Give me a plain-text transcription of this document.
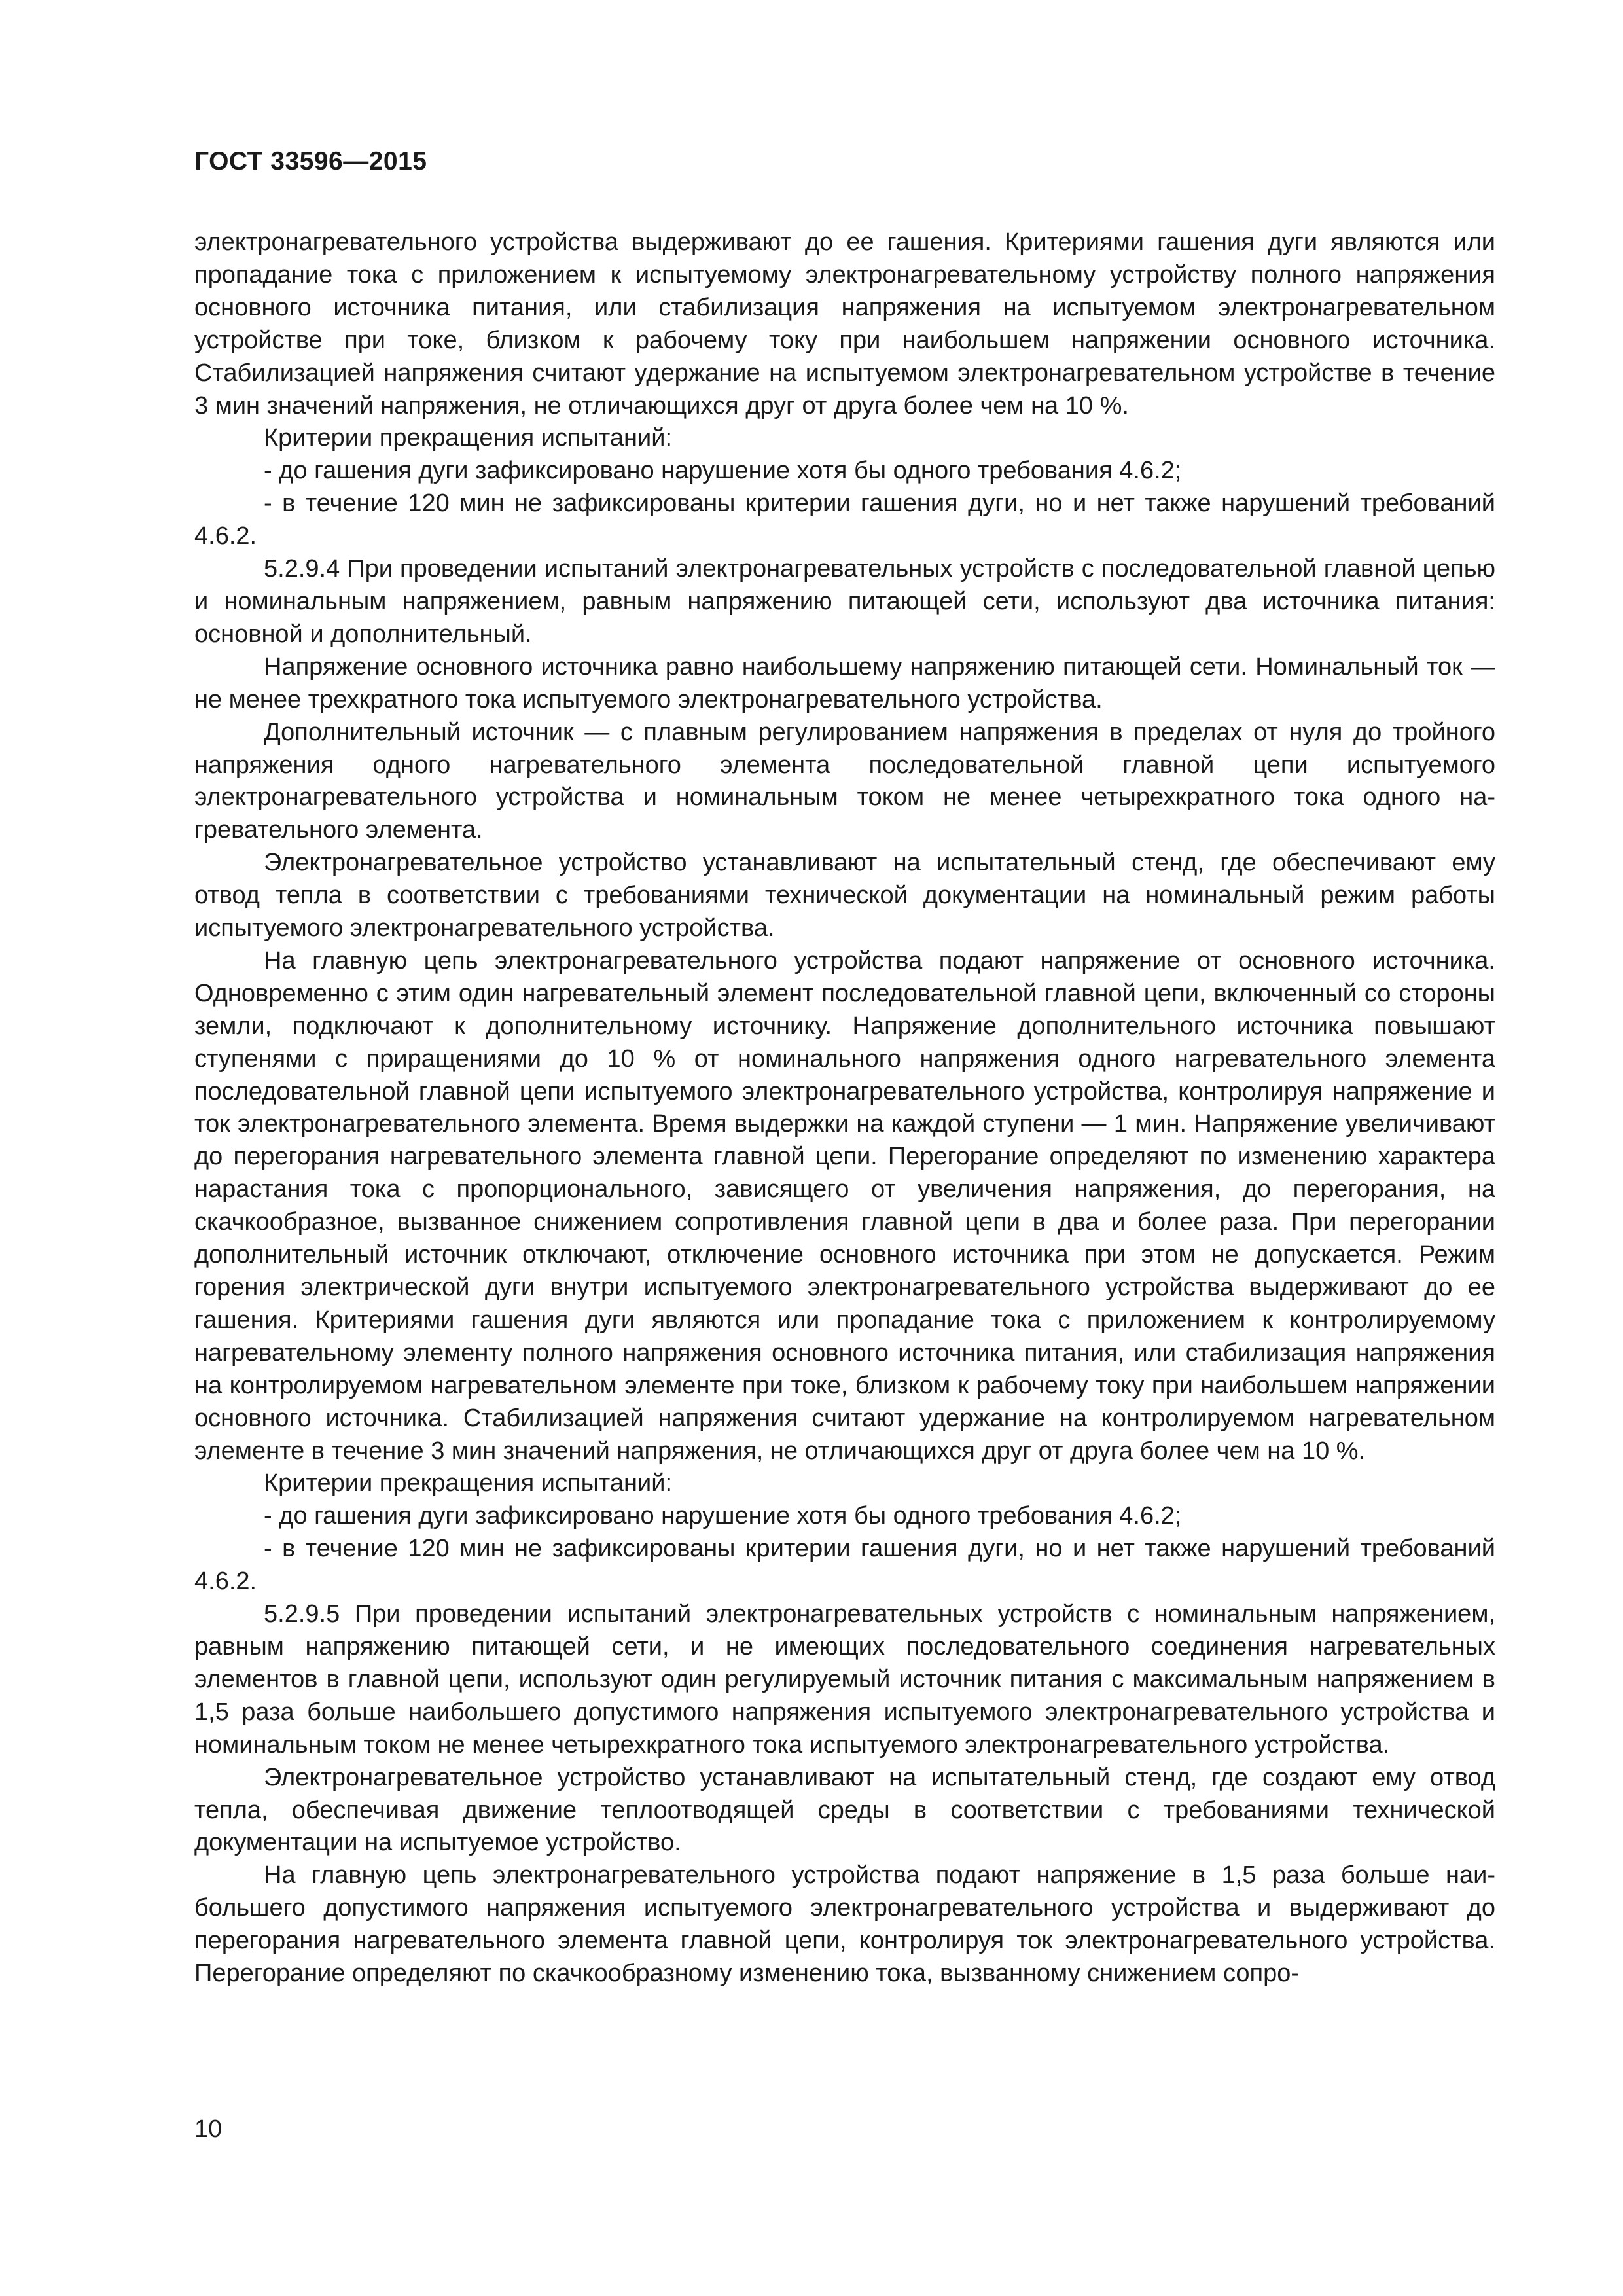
ГОСТ 33596—2015

электронагревательного устройства выдерживают до ее гашения. Критериями гашения дуги являются или пропадание тока с приложением к испытуемому электронагревательному устройству полного напряжения основного источника питания, или стабилизация напряжения на испытуемом электронагревательном устройстве при токе, близком к рабочему току при наибольшем напряжении основного источника. Стабилизацией напряжения считают удержание на испытуемом электронагревательном устройстве в течение 3 мин значений напряжения, не отличающихся друг от друга более чем на 10 %.

Критерии прекращения испытаний:

- до гашения дуги зафиксировано нарушение хотя бы одного требования 4.6.2;

- в течение 120 мин не зафиксированы критерии гашения дуги, но и нет также нарушений требований 4.6.2.

5.2.9.4 При проведении испытаний электронагревательных устройств с последовательной главной цепью и номинальным напряжением, равным напряжению питающей сети, используют два источника питания: основной и дополнительный.

Напряжение основного источника равно наибольшему напряжению питающей сети. Номинальный ток — не менее трехкратного тока испытуемого электронагревательного устройства.

Дополнительный источник — с плавным регулированием напряжения в пределах от нуля до тройного напряжения одного нагревательного элемента последовательной главной цепи испытуемого электронагревательного устройства и номинальным током не менее четырехкратного тока одного нагревательного элемента.

Электронагревательное устройство устанавливают на испытательный стенд, где обеспечивают ему отвод тепла в соответствии с требованиями технической документации на номинальный режим работы испытуемого электронагревательного устройства.

На главную цепь электронагревательного устройства подают напряжение от основного источника. Одновременно с этим один нагревательный элемент последовательной главной цепи, включенный со стороны земли, подключают к дополнительному источнику. Напряжение дополнительного источника повышают ступенями с приращениями до 10 % от номинального напряжения одного нагревательного элемента последовательной главной цепи испытуемого электронагревательного устройства, контролируя напряжение и ток электронагревательного элемента. Время выдержки на каждой ступени — 1 мин. Напряжение увеличивают до перегорания нагревательного элемента главной цепи. Перегорание определяют по изменению характера нарастания тока с пропорционального, зависящего от увеличения напряжения, до перегорания, на скачкообразное, вызванное снижением сопротивления главной цепи в два и более раза. При перегорании дополнительный источник отключают, отключение основного источника при этом не допускается. Режим горения электрической дуги внутри испытуемого электронагревательного устройства выдерживают до ее гашения. Критериями гашения дуги являются или пропадание тока с приложением к контролируемому нагревательному элементу полного напряжения основного источника питания, или стабилизация напряжения на контролируемом нагревательном элементе при токе, близком к рабочему току при наибольшем напряжении основного источника. Стабилизацией напряжения считают удержание на контролируемом нагревательном элементе в течение 3 мин значений напряжения, не отличающихся друг от друга более чем на 10 %.

Критерии прекращения испытаний:

- до гашения дуги зафиксировано нарушение хотя бы одного требования 4.6.2;

- в течение 120 мин не зафиксированы критерии гашения дуги, но и нет также нарушений требований 4.6.2.

5.2.9.5 При проведении испытаний электронагревательных устройств с номинальным напряжением, равным напряжению питающей сети, и не имеющих последовательного соединения нагревательных элементов в главной цепи, используют один регулируемый источник питания с максимальным напряжением в 1,5 раза больше наибольшего допустимого напряжения испытуемого электронагревательного устройства и номинальным током не менее четырехкратного тока испытуемого электронагревательного устройства.

Электронагревательное устройство устанавливают на испытательный стенд, где создают ему отвод тепла, обеспечивая движение теплоотводящей среды в соответствии с требованиями технической документации на испытуемое устройство.

На главную цепь электронагревательного устройства подают напряжение в 1,5 раза больше наибольшего допустимого напряжения испытуемого электронагревательного устройства и выдерживают до перегорания нагревательного элемента главной цепи, контролируя ток электронагревательного устройства. Перегорание определяют по скачкообразному изменению тока, вызванному снижением сопро-

10
